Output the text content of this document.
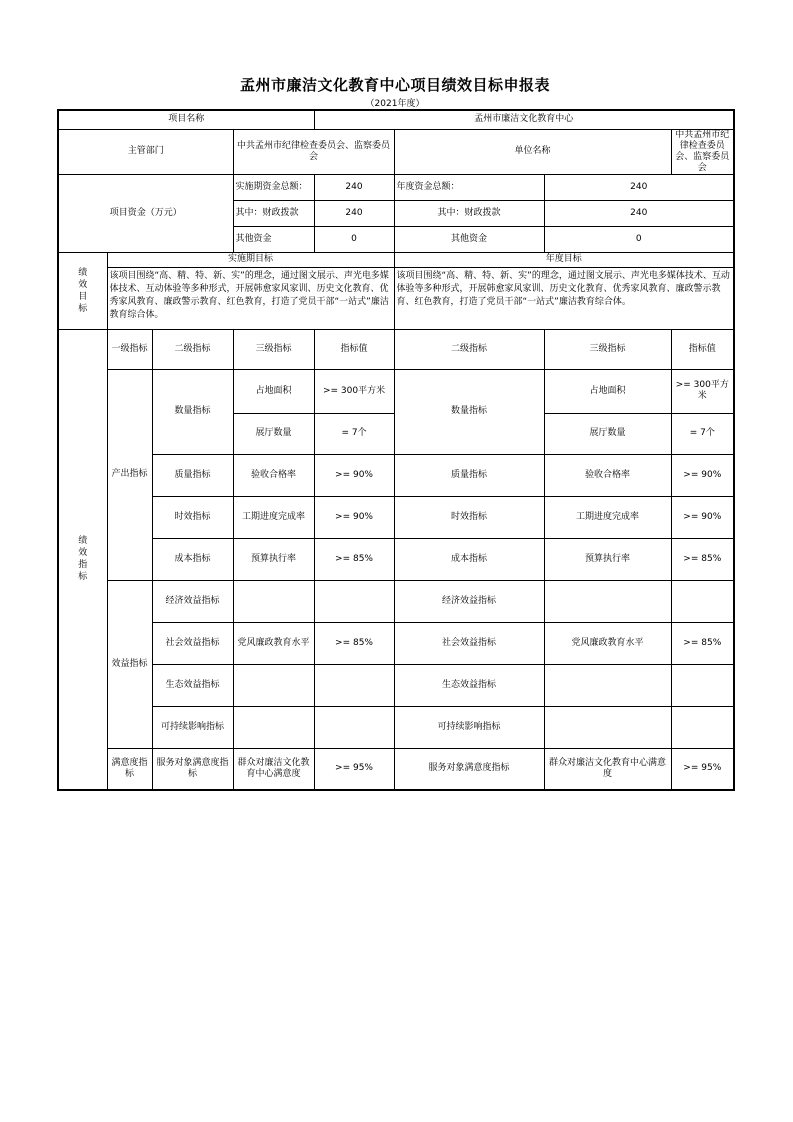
孟州市廉洁文化教育中心项目绩效目标申报表
（2021年度）
项目名称				孟州市廉洁文化教育中心			
主管部门			中共孟州市纪律检查委员会、监察委员会		单位名称		中共孟州市纪律检查委员会、监察委员会
项目资金（万元）			实施期资金总额：	240	年度资金总额：	240	
			其中：财政拨款	240	其中：财政拨款	240	
			其他资金	0	其他资金	0	
绩效目标	实施期目标				年度目标		
	该项目围绕“高、精、特、新、实”的理念，通过图文展示、声光电多媒体技术、互动体验等多种形式，开展韩愈家风家训、历史文化教育、优秀家风教育、廉政警示教育、红色教育，打造了党员干部“一站式”廉洁教育综合体。				该项目围绕“高、精、特、新、实”的理念，通过图文展示、声光电多媒体技术、互动体验等多种形式，开展韩愈家风家训、历史文化教育、优秀家风教育、廉政警示教育、红色教育，打造了党员干部“一站式”廉洁教育综合体。		
绩效指标	一级指标	二级指标	三级指标	指标值	二级指标	三级指标	指标值
	产出指标	数量指标	占地面积	>= 300平方米	数量指标	占地面积	>= 300平方米
			展厅数量	= 7个		展厅数量	= 7个
		质量指标	验收合格率	>= 90%	质量指标	验收合格率	>= 90%
		时效指标	工期进度完成率	>= 90%	时效指标	工期进度完成率	>= 90%
		成本指标	预算执行率	>= 85%	成本指标	预算执行率	>= 85%
	效益指标	经济效益指标			经济效益指标		
		社会效益指标	党风廉政教育水平	>= 85%	社会效益指标	党风廉政教育水平	>= 85%
		生态效益指标			生态效益指标		
		可持续影响指标			可持续影响指标		
	满意度指标	服务对象满意度指标	群众对廉洁文化教育中心满意度	>= 95%	服务对象满意度指标	群众对廉洁文化教育中心满意度	>= 95%
